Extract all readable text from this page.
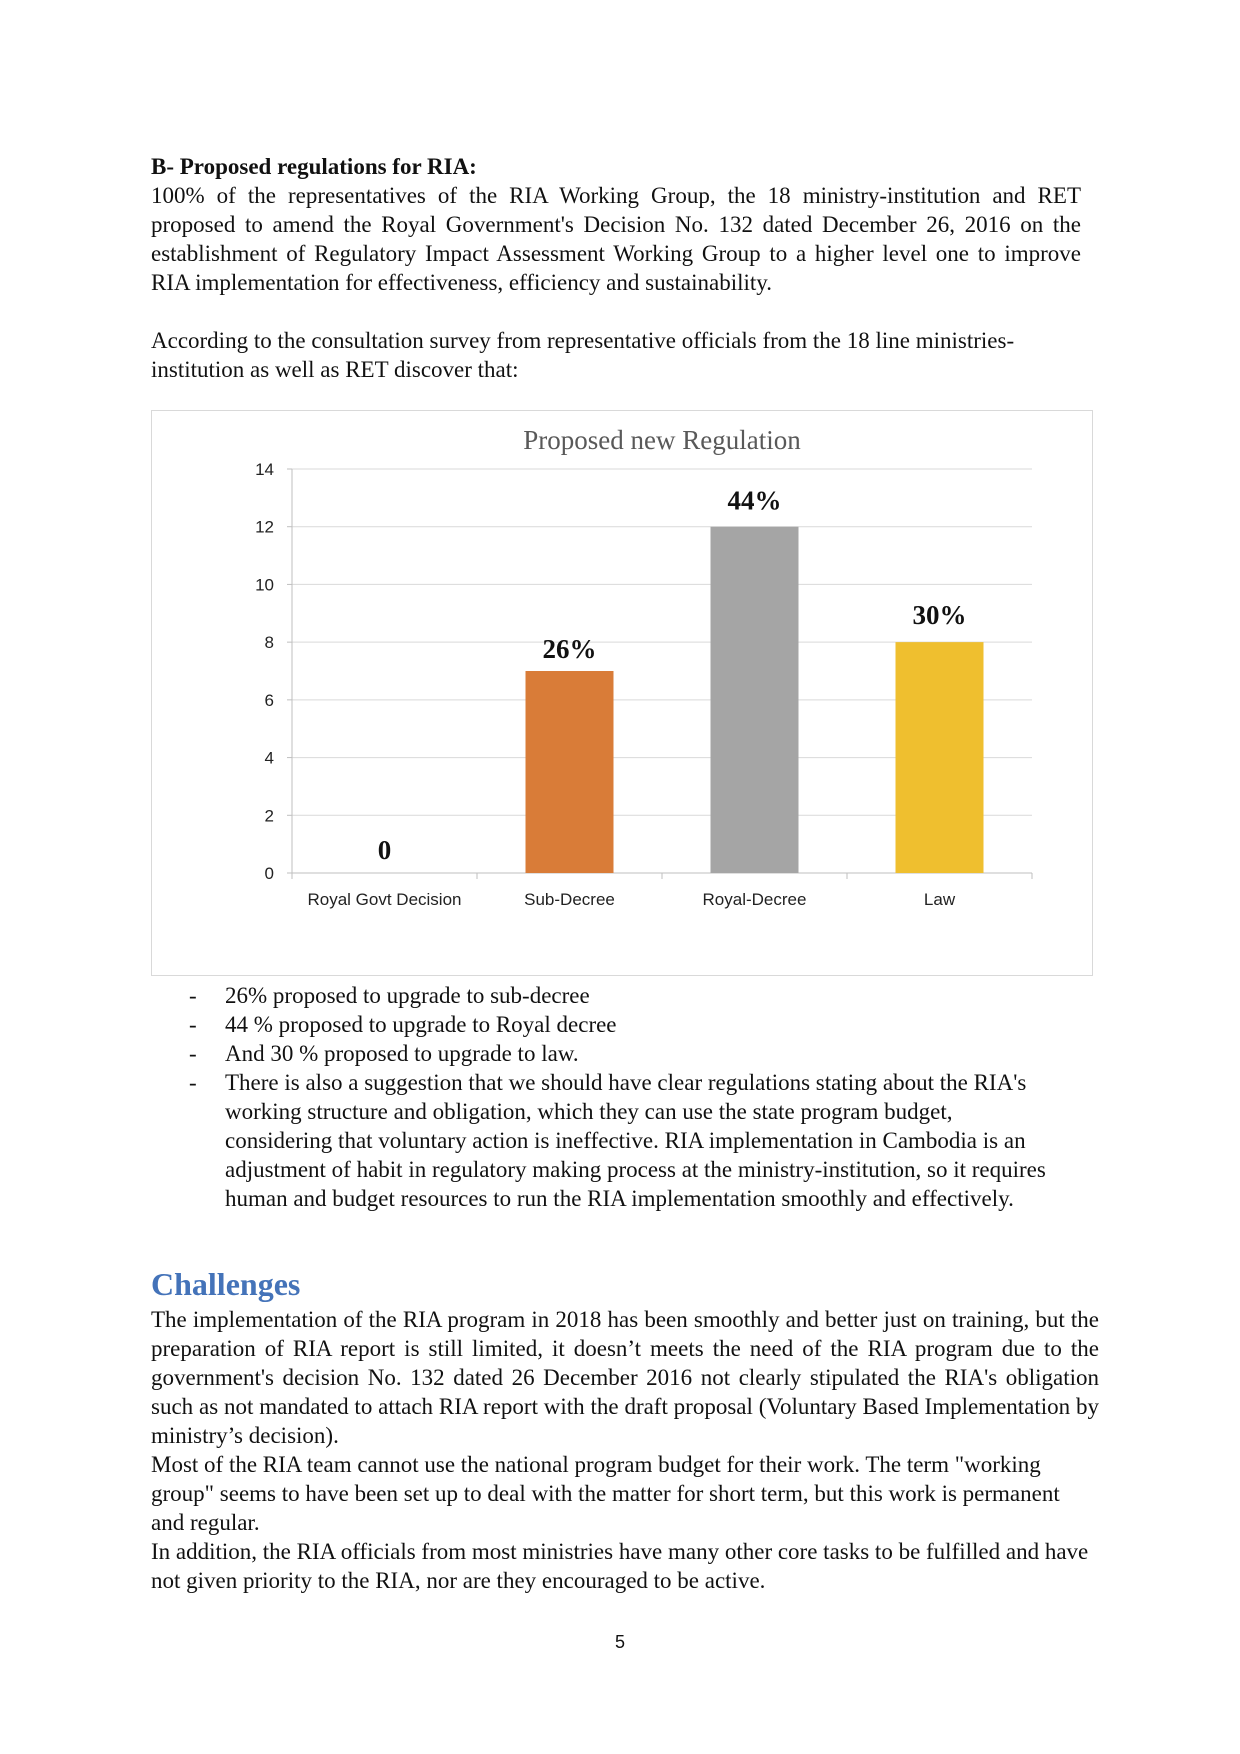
B- Proposed regulations for RIA:

100% of the representatives of the RIA Working Group, the 18 ministry-institution and RET proposed to amend the Royal Government's Decision No. 132 dated December 26, 2016 on the establishment of Regulatory Impact Assessment Working Group to a higher level one to improve RIA implementation for effectiveness, efficiency and sustainability.

According to the consultation survey from representative officials from the 18 line ministries-institution as well as RET discover that:

Proposed new Regulation
0
2
4
6
8
10
12
14
Royal Govt Decision
0
Sub-Decree
26%
Royal-Decree
44%
Law
30%
- 26% proposed to upgrade to sub-decree
- 44 % proposed to upgrade to Royal decree
- And 30 % proposed to upgrade to law.
- There is also a suggestion that we should have clear regulations stating about the RIA's working structure and obligation, which they can use the state program budget, considering that voluntary action is ineffective. RIA implementation in Cambodia is an adjustment of habit in regulatory making process at the ministry-institution, so it requires human and budget resources to run the RIA implementation smoothly and effectively.
Challenges

The implementation of the RIA program in 2018 has been smoothly and better just on training, but the preparation of RIA report is still limited, it doesn’t meets the need of the RIA program due to the government's decision No. 132 dated 26 December 2016 not clearly stipulated the RIA's obligation such as not mandated to attach RIA report with the draft proposal (Voluntary Based Implementation by ministry’s decision).

Most of the RIA team cannot use the national program budget for their work. The term "working group" seems to have been set up to deal with the matter for short term, but this work is permanent and regular.

In addition, the RIA officials from most ministries have many other core tasks to be fulfilled and have not given priority to the RIA, nor are they encouraged to be active.

5
